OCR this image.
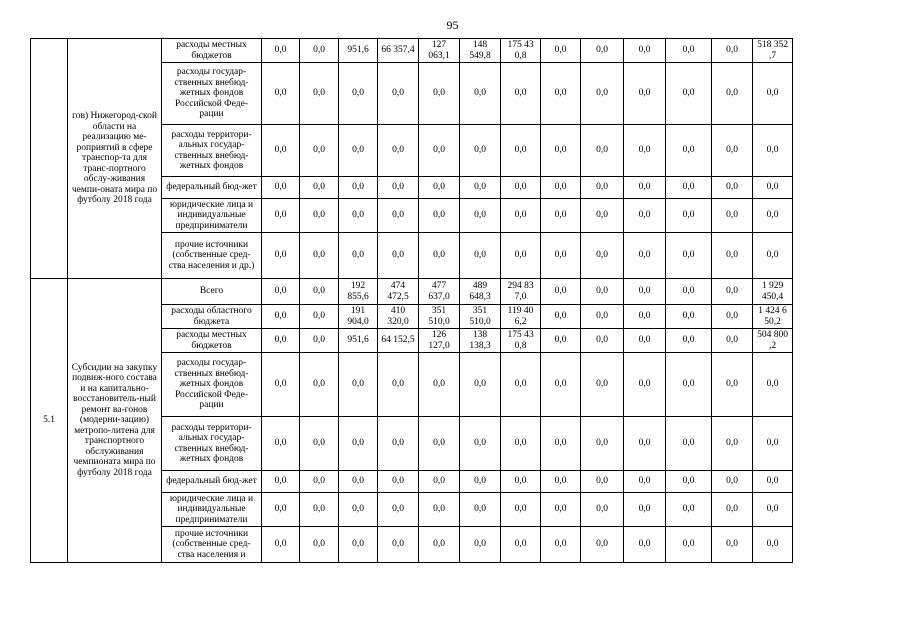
95
	гов) Нижегород-ской области на реализацию ме-роприятий в сфере транспор-та для транс-портного обслу-живания чемпи-оната мира по футболу 2018 года	расходы местных бюджетов	0,0	0,0	951,6	66 357,4	127 063,1	148 549,8	175 43 0,8	0,0	0,0	0,0	0,0	0,0	518 352 ,7
		расходы государ-ственных внебюд-жетных фондов Российской Феде-рации	0,0	0,0	0,0	0,0	0,0	0,0	0,0	0,0	0,0	0,0	0,0	0,0	0,0
		расходы территори-альных государ-ственных внебюд-жетных фондов	0,0	0,0	0,0	0,0	0,0	0,0	0,0	0,0	0,0	0,0	0,0	0,0	0,0
		федеральный бюд-жет	0,0	0,0	0,0	0,0	0,0	0,0	0,0	0,0	0,0	0,0	0,0	0,0	0,0
		юридические лица и индивидуальные предприниматели	0,0	0,0	0,0	0,0	0,0	0,0	0,0	0,0	0,0	0,0	0,0	0,0	0,0
		прочие источники (собственные сред-ства населения и др.)	0,0	0,0	0,0	0,0	0,0	0,0	0,0	0,0	0,0	0,0	0,0	0,0	0,0
5.1	Субсидии на закупку подвиж-ного состава и на капитально-восстановитель-ный ремонт ва-гонов (модерни-зацию) метропо-литена для транспортного обслуживания чемпионата мира по футболу 2018 года	Всего	0,0	0,0	192 855,6	474 472,5	477 637,0	489 648,3	294 83 7,0	0,0	0,0	0,0	0,0	0,0	1 929 450,4
		расходы областного бюджета	0,0	0,0	191 904,0	410 320,0	351 510,0	351 510,0	119 40 6,2	0,0	0,0	0,0	0,0	0,0	1 424 6 50,2
		расходы местных бюджетов	0,0	0,0	951,6	64 152,5	126 127,0	138 138,3	175 43 0,8	0,0	0,0	0,0	0,0	0,0	504 800 ,2
		расходы государ-ственных внебюд-жетных фондов Российской Феде-рации	0,0	0,0	0,0	0,0	0,0	0,0	0,0	0,0	0,0	0,0	0,0	0,0	0,0
		расходы территори-альных государ-ственных внебюд-жетных фондов	0,0	0,0	0,0	0,0	0,0	0,0	0,0	0,0	0,0	0,0	0,0	0,0	0,0
		федеральный бюд-жет	0,0	0,0	0,0	0,0	0,0	0,0	0,0	0,0	0,0	0,0	0,0	0,0	0,0
		юридические лица и индивидуальные предприниматели	0,0	0,0	0,0	0,0	0,0	0,0	0,0	0,0	0,0	0,0	0,0	0,0	0,0
		прочие источники (собственные сред-ства населения и	0,0	0,0	0,0	0,0	0,0	0,0	0,0	0,0	0,0	0,0	0,0	0,0	0,0
